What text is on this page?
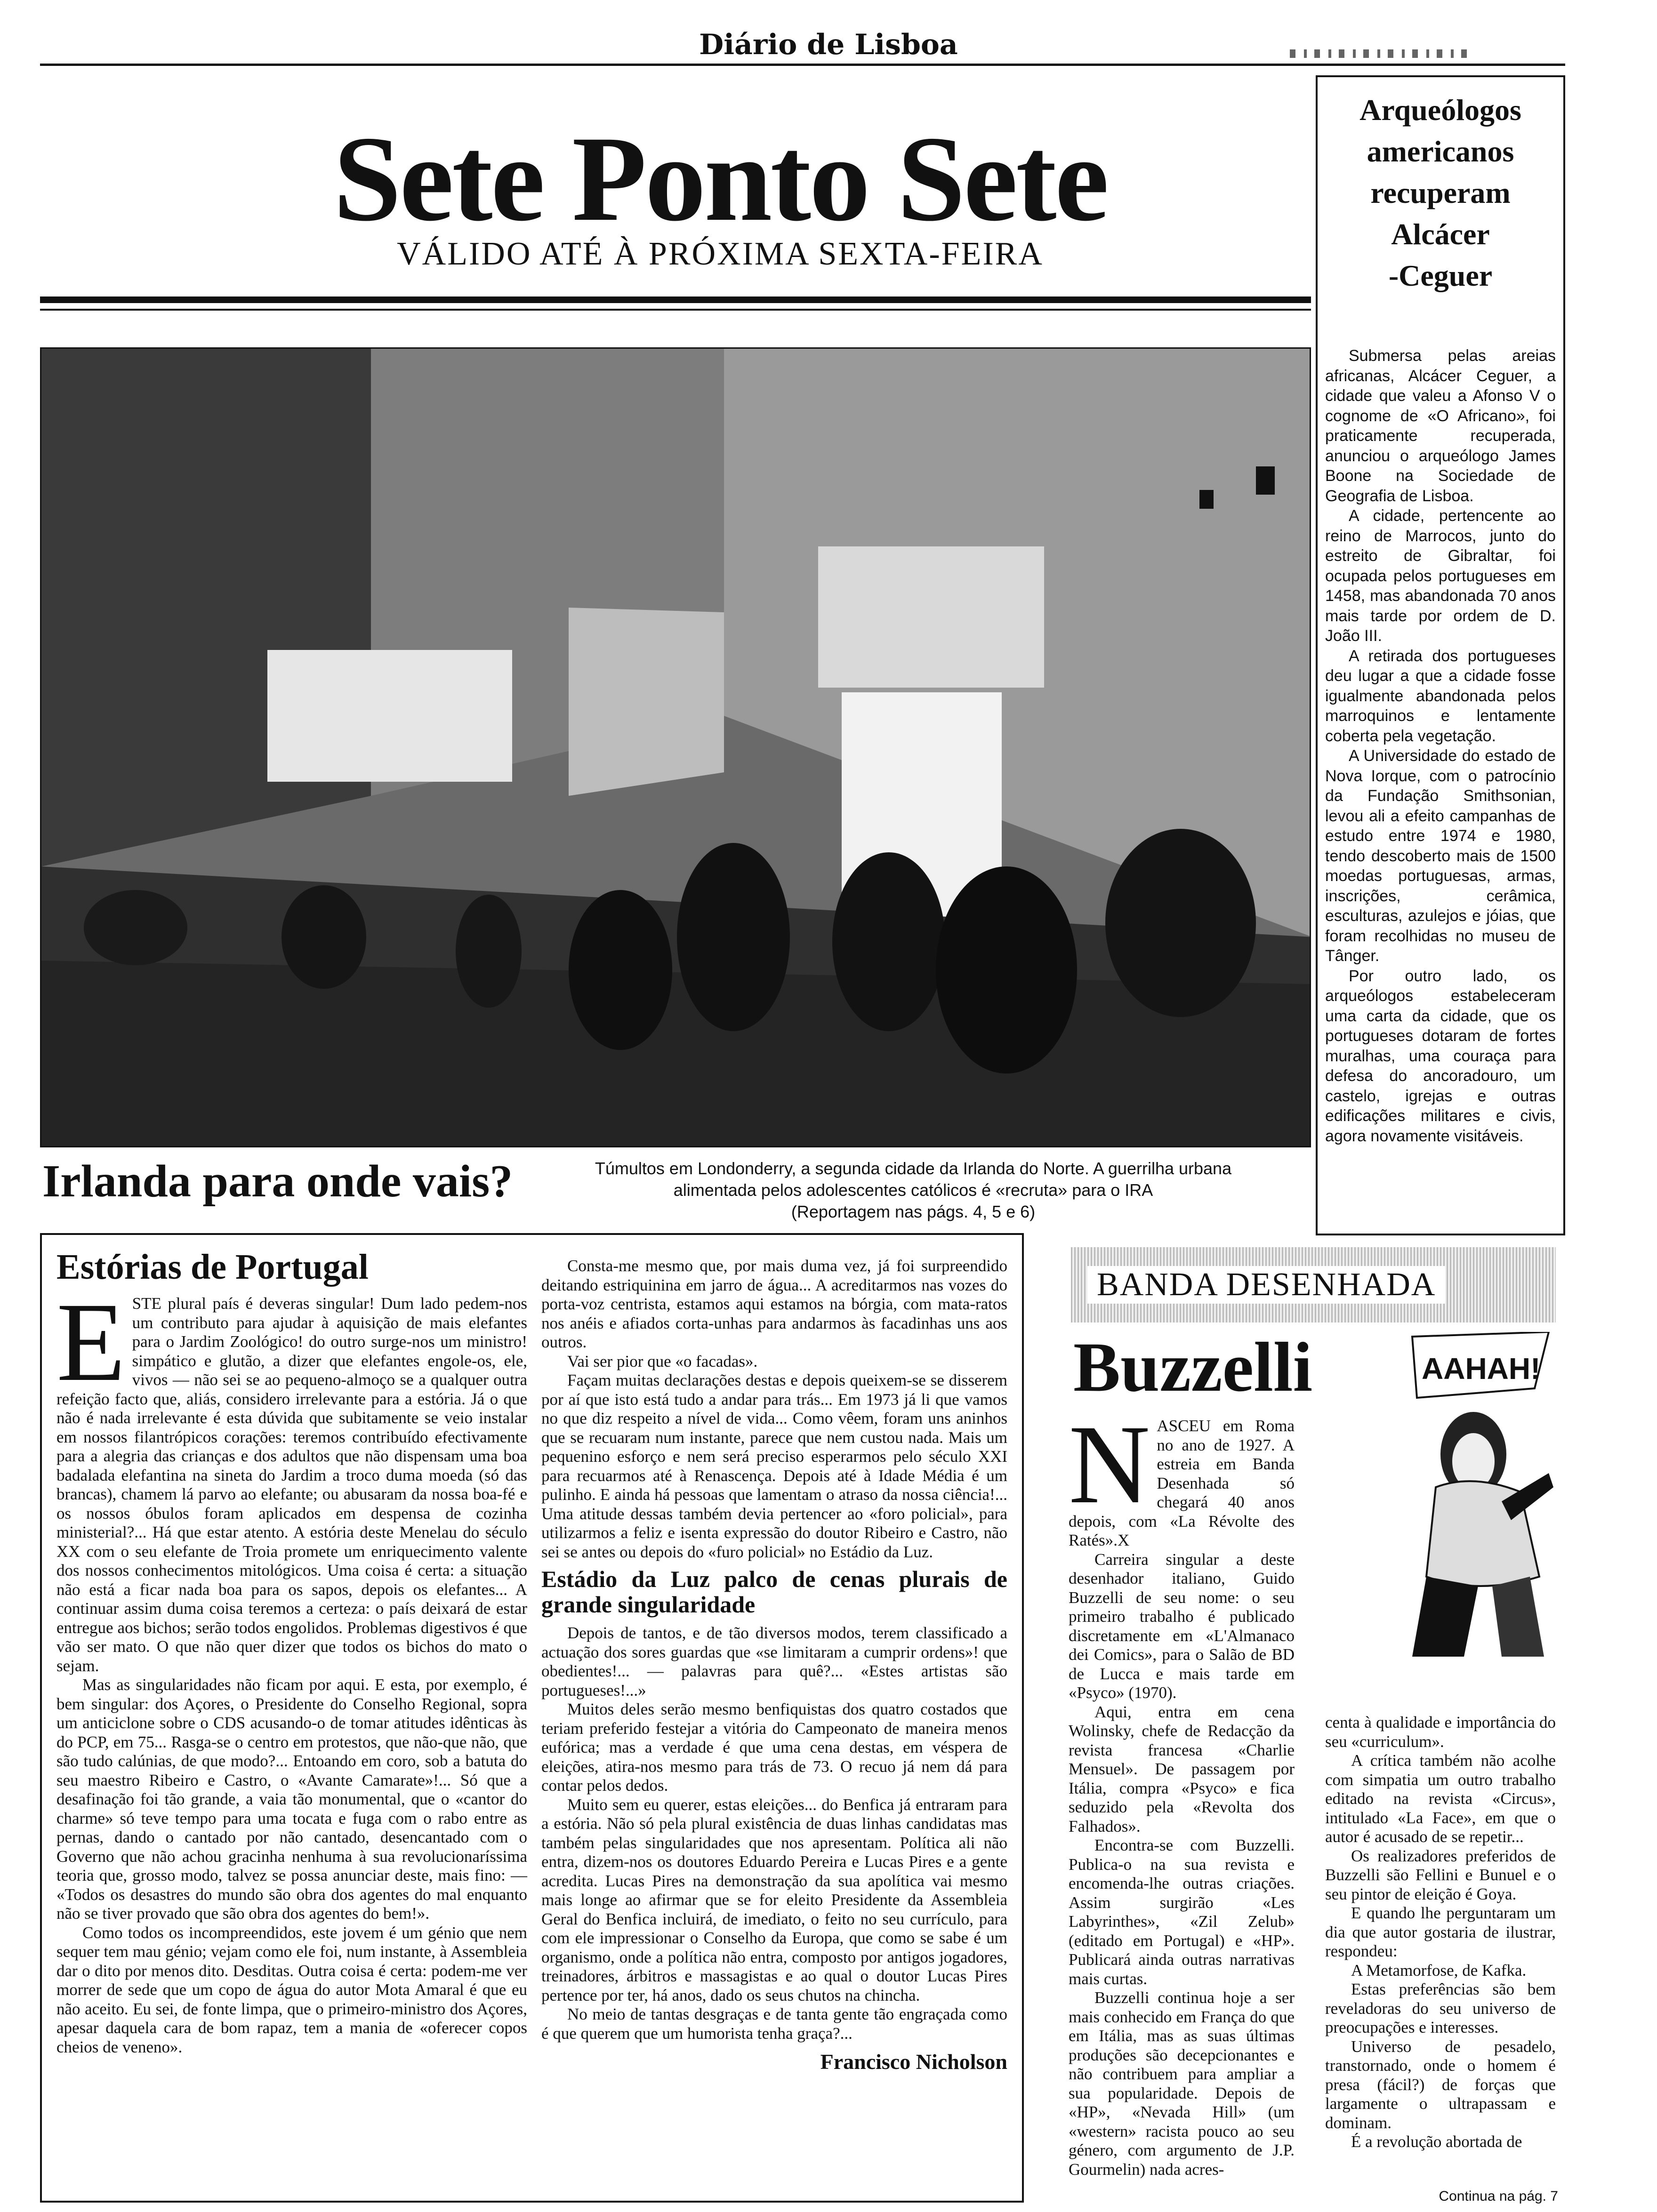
Diário de Lisboa
Sete Ponto Sete
VÁLIDO ATÉ À PRÓXIMA SEXTA-FEIRA
Arqueólogos
americanos
recuperam
Alcácer
-Ceguer

Submersa pelas areias africanas, Alcácer Ceguer, a cidade que valeu a Afonso V o cognome de «O Africano», foi praticamente recuperada, anunciou o arqueólogo James Boone na Sociedade de Geografia de Lisboa.

A cidade, pertencente ao reino de Marrocos, junto do estreito de Gibraltar, foi ocupada pelos portugueses em 1458, mas abandonada 70 anos mais tarde por ordem de D. João III.

A retirada dos portugueses deu lugar a que a cidade fosse igualmente abandonada pelos marroquinos e lentamente coberta pela vegetação.

A Universidade do estado de Nova Iorque, com o patrocínio da Fundação Smithsonian, levou ali a efeito campanhas de estudo entre 1974 e 1980, tendo descoberto mais de 1500 moedas portuguesas, armas, inscrições, cerâmica, esculturas, azulejos e jóias, que foram recolhidas no museu de Tânger.

Por outro lado, os arqueólogos estabeleceram uma carta da cidade, que os portugueses dotaram de fortes muralhas, uma couraça para defesa do ancoradouro, um castelo, igrejas e outras edificações militares e civis, agora novamente visitáveis.

Irlanda para onde vais?	Túmultos em Londonderry, a segunda cidade da Irlanda do Norte. A guerrilha urbana
alimentada pelos adolescentes católicos é «recruta» para o IRA
(Reportagem nas págs. 4, 5 e 6)
Estórias de Portugal

ESTE plural país é deveras singular! Dum lado pedem-nos um contributo para ajudar à aquisição de mais elefantes para o Jardim Zoológico! do outro surge-nos um ministro! simpático e glutão, a dizer que elefantes engole-os, ele, vivos — não sei se ao pequeno-almoço se a qualquer outra refeição facto que, aliás, considero irrelevante para a estória. Já o que não é nada irrelevante é esta dúvida que subitamente se veio instalar em nossos filantrópicos corações: teremos contribuído efectivamente para a alegria das crianças e dos adultos que não dispensam uma boa badalada elefantina na sineta do Jardim a troco duma moeda (só das brancas), chamem lá parvo ao elefante; ou abusaram da nossa boa-fé e os nossos óbulos foram aplicados em despensa de cozinha ministerial?... Há que estar atento. A estória deste Menelau do século XX com o seu elefante de Troia promete um enriquecimento valente dos nossos conhecimentos mitológicos. Uma coisa é certa: a situação não está a ficar nada boa para os sapos, depois os elefantes... A continuar assim duma coisa teremos a certeza: o país deixará de estar entregue aos bichos; serão todos engolidos. Problemas digestivos é que vão ser mato. O que não quer dizer que todos os bichos do mato o sejam.

Mas as singularidades não ficam por aqui. E esta, por exemplo, é bem singular: dos Açores, o Presidente do Conselho Regional, sopra um anticiclone sobre o CDS acusando-o de tomar atitudes idênticas às do PCP, em 75... Rasga-se o centro em protestos, que não-que não, que são tudo calúnias, de que modo?... Entoando em coro, sob a batuta do seu maestro Ribeiro e Castro, o «Avante Camarate»!... Só que a desafinação foi tão grande, a vaia tão monumental, que o «cantor do charme» só teve tempo para uma tocata e fuga com o rabo entre as pernas, dando o cantado por não cantado, desencantado com o Governo que não achou gracinha nenhuma à sua revolucionaríssima teoria que, grosso modo, talvez se possa anunciar deste, mais fino: — «Todos os desastres do mundo são obra dos agentes do mal enquanto não se tiver provado que são obra dos agentes do bem!».

Como todos os incompreendidos, este jovem é um génio que nem sequer tem mau génio; vejam como ele foi, num instante, à Assembleia dar o dito por menos dito. Desditas. Outra coisa é certa: podem-me ver morrer de sede que um copo de água do autor Mota Amaral é que eu não aceito. Eu sei, de fonte limpa, que o primeiro-ministro dos Açores, apesar daquela cara de bom rapaz, tem a mania de «oferecer copos cheios de veneno».

Consta-me mesmo que, por mais duma vez, já foi surpreendido deitando estriquinina em jarro de água... A acreditarmos nas vozes do porta-voz centrista, estamos aqui estamos na bórgia, com mata-ratos nos anéis e afiados corta-unhas para andarmos às facadinhas uns aos outros.

Vai ser pior que «o facadas».

Façam muitas declarações destas e depois queixem-se se disserem por aí que isto está tudo a andar para trás... Em 1973 já li que vamos no que diz respeito a nível de vida... Como vêem, foram uns aninhos que se recuaram num instante, parece que nem custou nada. Mais um pequenino esforço e nem será preciso esperarmos pelo século XXI para recuarmos até à Renascença. Depois até à Idade Média é um pulinho. E ainda há pessoas que lamentam o atraso da nossa ciência!... Uma atitude dessas também devia pertencer ao «foro policial», para utilizarmos a feliz e isenta expressão do doutor Ribeiro e Castro, não sei se antes ou depois do «furo policial» no Estádio da Luz.

Estádio da Luz palco de cenas plurais de grande singularidade

Depois de tantos, e de tão diversos modos, terem classificado a actuação dos sores guardas que «se limitaram a cumprir ordens»! que obedientes!... — palavras para quê?... «Estes artistas são portugueses!...»

Muitos deles serão mesmo benfiquistas dos quatro costados que teriam preferido festejar a vitória do Campeonato de maneira menos eufórica; mas a verdade é que uma cena destas, em véspera de eleições, atira-nos mesmo para trás de 73. O recuo já nem dá para contar pelos dedos.

Muito sem eu querer, estas eleições... do Benfica já entraram para a estória. Não só pela plural existência de duas linhas candidatas mas também pelas singularidades que nos apresentam. Política ali não entra, dizem-nos os doutores Eduardo Pereira e Lucas Pires e a gente acredita. Lucas Pires na demonstração da sua apolítica vai mesmo mais longe ao afirmar que se for eleito Presidente da Assembleia Geral do Benfica incluirá, de imediato, o feito no seu currículo, para com ele impressionar o Conselho da Europa, que como se sabe é um organismo, onde a política não entra, composto por antigos jogadores, treinadores, árbitros e massagistas e ao qual o doutor Lucas Pires pertence por ter, há anos, dado os seus chutos na chincha.

No meio de tantas desgraças e de tanta gente tão engraçada como é que querem que um humorista tenha graça?...

Francisco Nicholson
BANDA DESENHADA
Buzzelli	AAHAH!

NASCEU em Roma no ano de 1927. A estreia em Banda Desenhada só chegará 40 anos depois, com «La Révolte des Ratés».X

Carreira singular a deste desenhador italiano, Guido Buzzelli de seu nome: o seu primeiro trabalho é publicado discretamente em «L'Almanaco dei Comics», para o Salão de BD de Lucca e mais tarde em «Psyco» (1970).

Aqui, entra em cena Wolinsky, chefe de Redacção da revista francesa «Charlie Mensuel». De passagem por Itália, compra «Psyco» e fica seduzido pela «Revolta dos Falhados».

Encontra-se com Buzzelli. Publica-o na sua revista e encomenda-lhe outras criações. Assim surgirão «Les Labyrinthes», «Zil Zelub» (editado em Portugal) e «HP». Publicará ainda outras narrativas mais curtas.

Buzzelli continua hoje a ser mais conhecido em França do que em Itália, mas as suas últimas produções são decepcionantes e não contribuem para ampliar a sua popularidade. Depois de «HP», «Nevada Hill» (um «western» racista pouco ao seu género, com argumento de J.P. Gourmelin) nada acres-

centa à qualidade e importância do seu «curriculum».

A crítica também não acolhe com simpatia um outro trabalho editado na revista «Circus», intitulado «La Face», em que o autor é acusado de se repetir...

Os realizadores preferidos de Buzzelli são Fellini e Bunuel e o seu pintor de eleição é Goya.

E quando lhe perguntaram um dia que autor gostaria de ilustrar, respondeu:

A Metamorfose, de Kafka.

Estas preferências são bem reveladoras do seu universo de preocupações e interesses.

Universo de pesadelo, transtornado, onde o homem é presa (fácil?) de forças que largamente o ultrapassam e dominam.

É a revolução abortada de

Continua na pág. 7
